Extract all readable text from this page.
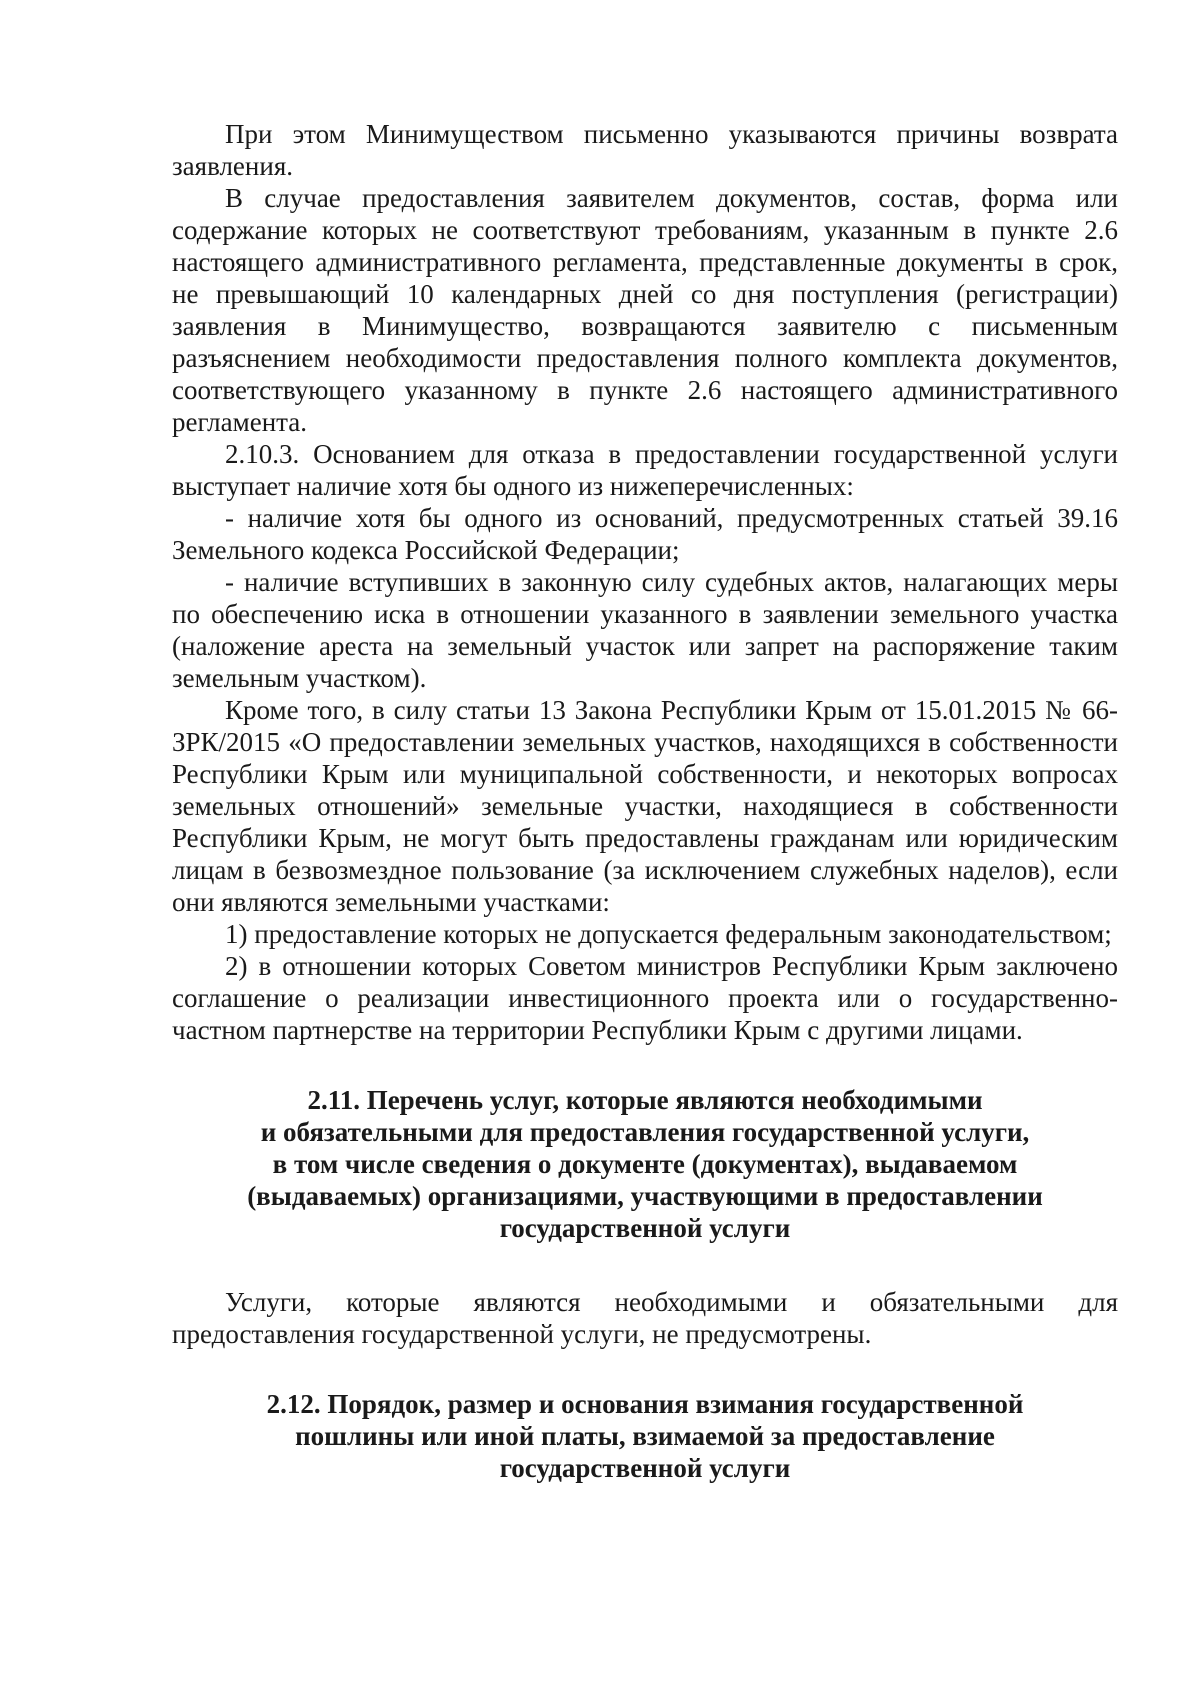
При этом Минимуществом письменно указываются причины возврата заявления.

В случае предоставления заявителем документов, состав, форма или содержание которых не соответствуют требованиям, указанным в пункте 2.6 настоящего административного регламента, представленные документы в срок, не превышающий 10 календарных дней со дня поступления (регистрации) заявления в Минимущество, возвращаются заявителю с письменным разъяснением необходимости предоставления полного комплекта документов, соответствующего указанному в пункте 2.6 настоящего административного регламента.

2.10.3. Основанием для отказа в предоставлении государственной услуги выступает наличие хотя бы одного из нижеперечисленных:

- наличие хотя бы одного из оснований, предусмотренных статьей 39.16 Земельного кодекса Российской Федерации;

- наличие вступивших в законную силу судебных актов, налагающих меры по обеспечению иска в отношении указанного в заявлении земельного участка (наложение ареста на земельный участок или запрет на распоряжение таким земельным участком).

Кроме того, в силу статьи 13 Закона Республики Крым от 15.01.2015 № 66-ЗРК/2015 «О предоставлении земельных участков, находящихся в собственности Республики Крым или муниципальной собственности, и некоторых вопросах земельных отношений» земельные участки, находящиеся в собственности Республики Крым, не могут быть предоставлены гражданам или юридическим лицам в безвозмездное пользование (за исключением служебных наделов), если они являются земельными участками:

1) предоставление которых не допускается федеральным законодательством;

2) в отношении которых Советом министров Республики Крым заключено соглашение о реализации инвестиционного проекта или о государственно-частном партнерстве на территории Республики Крым с другими лицами.

2.11. Перечень услуг, которые являются необходимыми
и обязательными для предоставления государственной услуги,
в том числе сведения о документе (документах), выдаваемом
(выдаваемых) организациями, участвующими в предоставлении
государственной услуги

Услуги, которые являются необходимыми и обязательными для предоставления государственной услуги, не предусмотрены.

2.12. Порядок, размер и основания взимания государственной
пошлины или иной платы, взимаемой за предоставление
государственной услуги
